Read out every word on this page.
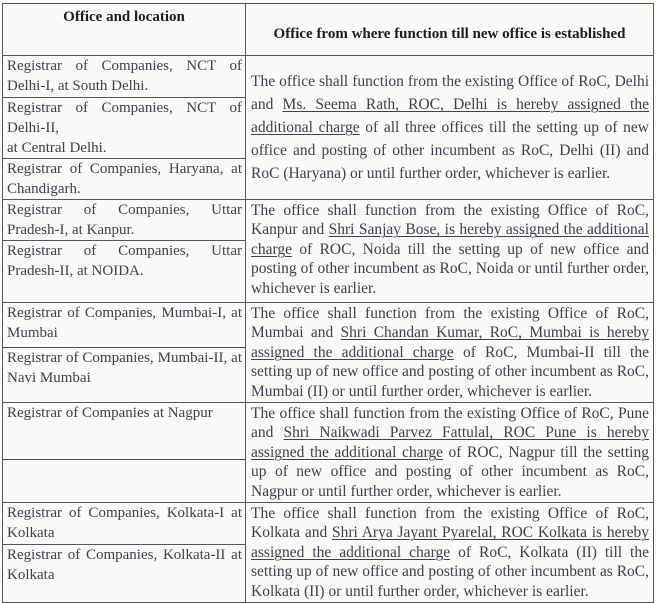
Office and location	Office from where function till new office is established

Registrar of Companies, NCT of Delhi-I, at South Delhi.	The office shall function from the existing Office of RoC, Delhi and Ms. Seema Rath, ROC, Delhi is hereby assigned the additional charge of all three offices till the setting up of new office and posting of other incumbent as RoC, Delhi (II) and RoC (Haryana) or until further order, whichever is earlier.

Registrar of Companies, NCT of Delhi-II,
at Central Delhi.	

Registrar of Companies, Haryana, at Chandigarh.	

Registrar of Companies, Uttar Pradesh-I, at Kanpur.	The office shall function from the existing Office of RoC, Kanpur and Shri Sanjay Bose, is hereby assigned the additional charge of ROC, Noida till the setting up of new office and posting of other incumbent as RoC, Noida or until further order, whichever is earlier.

Registrar of Companies, Uttar Pradesh-II, at NOIDA.	

Registrar of Companies, Mumbai-I, at Mumbai	The office shall function from the existing Office of RoC, Mumbai and Shri Chandan Kumar, RoC, Mumbai is hereby assigned the additional charge of RoC, Mumbai-II till the setting up of new office and posting of other incumbent as RoC, Mumbai (II) or until further order, whichever is earlier.

Registrar of Companies, Mumbai-II, at Navi Mumbai	

Registrar of Companies at Nagpur	The office shall function from the existing Office of RoC, Pune and Shri Naikwadi Parvez Fattulal, ROC Pune is hereby assigned the additional charge of ROC, Nagpur till the setting up of new office and posting of other incumbent as RoC, Nagpur or until further order, whichever is earlier.

Registrar of Companies, Kolkata-I at Kolkata	The office shall function from the existing Office of RoC, Kolkata and Shri Arya Jayant Pyarelal, ROC Kolkata is hereby assigned the additional charge of RoC, Kolkata (II) till the setting up of new office and posting of other incumbent as RoC, Kolkata (II) or until further order, whichever is earlier.

Registrar of Companies, Kolkata-II at Kolkata	
